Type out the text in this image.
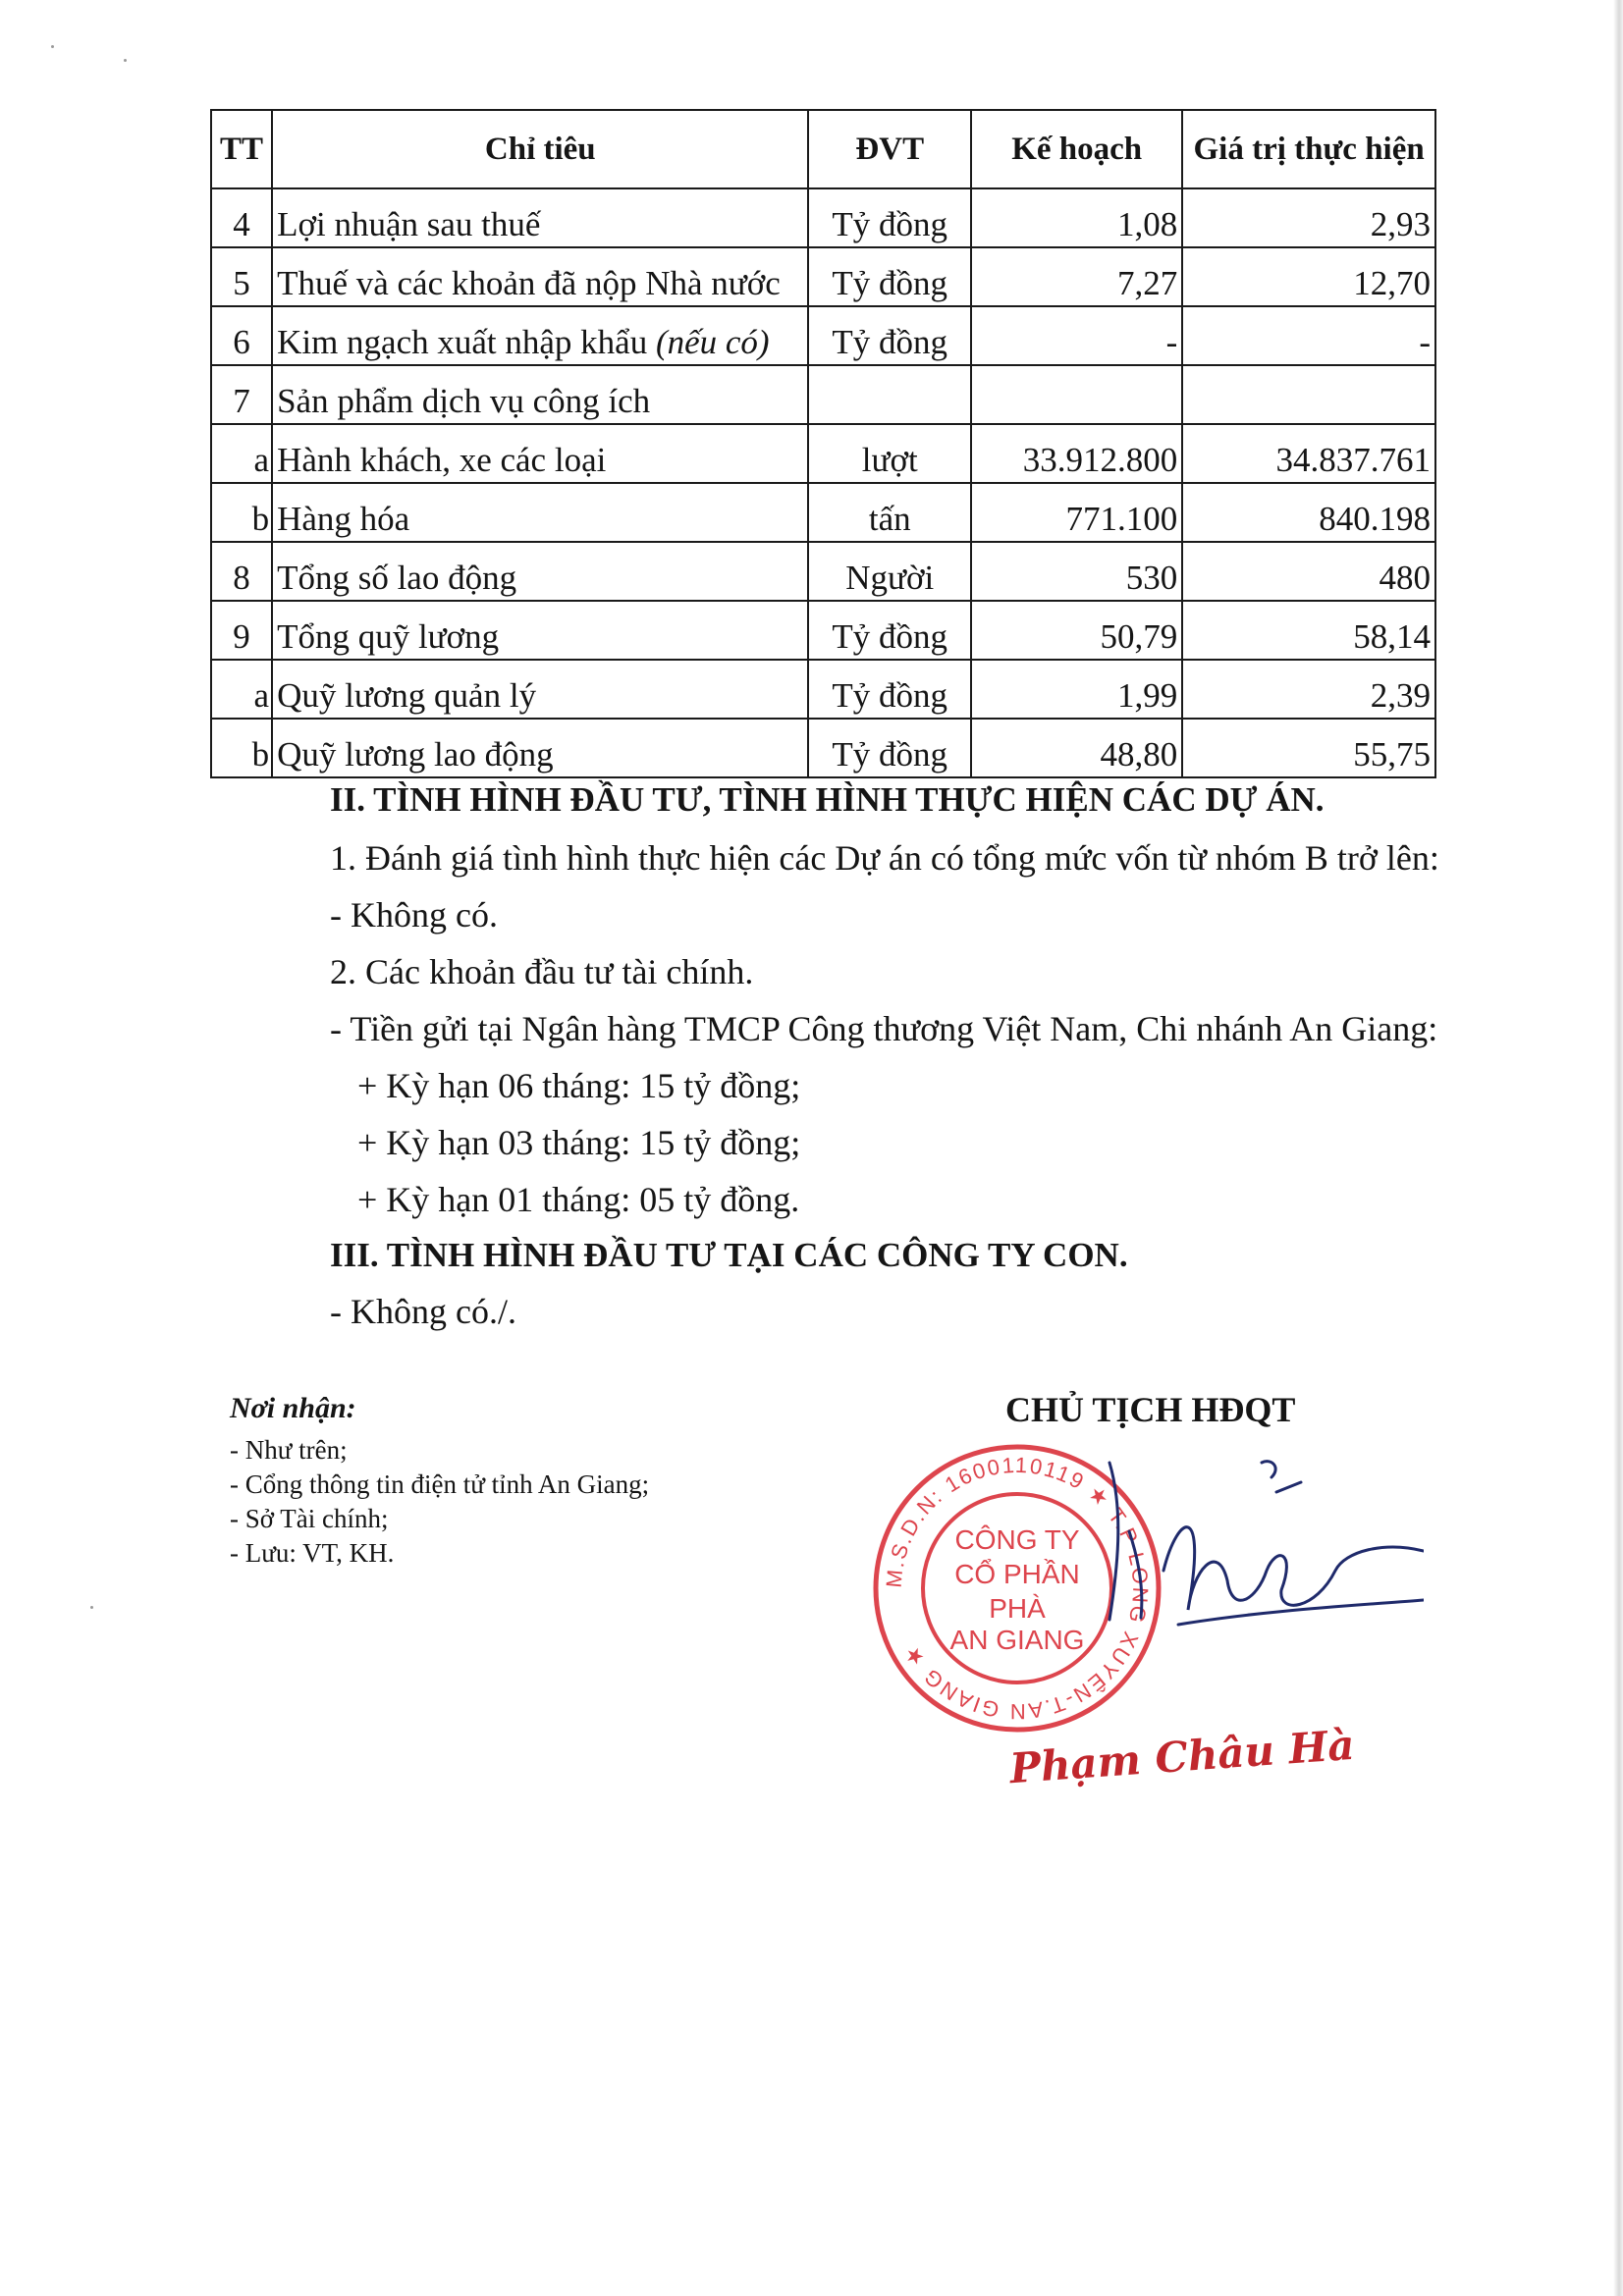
TT	Chỉ tiêu	ĐVT	Kế hoạch	Giá trị thực hiện
4	Lợi nhuận sau thuế	Tỷ đồng	1,08	2,93
5	Thuế và các khoản đã nộp Nhà nước	Tỷ đồng	7,27	12,70
6	Kim ngạch xuất nhập khẩu (nếu có)	Tỷ đồng	-	-
7	Sản phẩm dịch vụ công ích			
a	Hành khách, xe các loại	lượt	33.912.800	34.837.761
b	Hàng hóa	tấn	771.100	840.198
8	Tổng số lao động	Người	530	480
9	Tổng quỹ lương	Tỷ đồng	50,79	58,14
a	Quỹ lương quản lý	Tỷ đồng	1,99	2,39
b	Quỹ lương lao động	Tỷ đồng	48,80	55,75
II. TÌNH HÌNH ĐẦU TƯ, TÌNH HÌNH THỰC HIỆN CÁC DỰ ÁN.
1. Đánh giá tình hình thực hiện các Dự án có tổng mức vốn từ nhóm B trở lên:
- Không có.
2. Các khoản đầu tư tài chính.
- Tiền gửi tại Ngân hàng TMCP Công thương Việt Nam, Chi nhánh An Giang:
+ Kỳ hạn 06 tháng: 15 tỷ đồng;
+ Kỳ hạn 03 tháng: 15 tỷ đồng;
+ Kỳ hạn 01 tháng: 05 tỷ đồng.
III. TÌNH HÌNH ĐẦU TƯ TẠI CÁC CÔNG TY CON.
- Không có./.
Nơi nhận:
- Như trên;
- Cổng thông tin điện tử tỉnh An Giang;
- Sở Tài chính;
- Lưu: VT, KH.
CHỦ TỊCH HĐQT
M.S.D.N: 1600110119 ★ T.P LONG XUYÊN-T.AN GIANG ★
CÔNG TY
CỔ PHẦN
PHÀ
AN GIANG
Phạm Châu Hà
